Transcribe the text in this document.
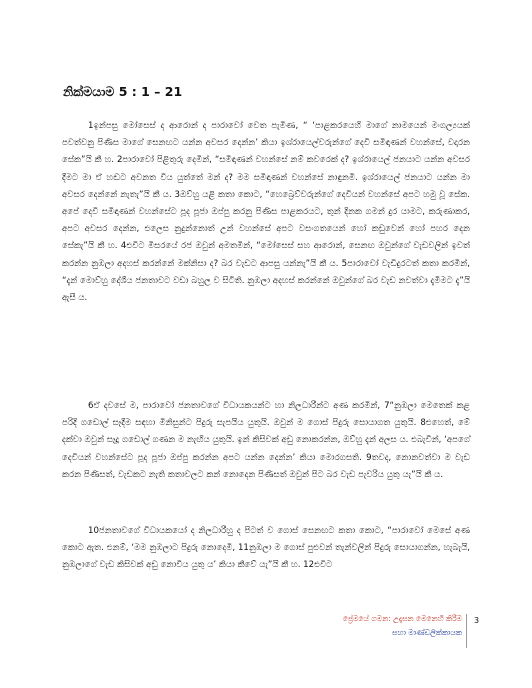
නික්මයාම 5 : 1 – 21
1ඉන්පසු මෝසෙස් ද ආරොන් ද පාරාවෝ වෙත පැමිණ, “ ‘පාළකරයෙහි මාගේ නාමයෙන් මංගල්‍යයක් පවත්වනු පිණිස මාගේ සෙනඟට යන්න අවසර දෙන්න’ කියා ඉශ්රායෙල්වරුන්ගේ දෙවි සමිඳාණන් වහන්සේ, වදාරන සේක”යි කී හ. 2පාරාවෝ පිළිතුරු දෙමින්, “සමිඳාණන් වහන්සේ නම් කවරෙක් ද? ඉශ්රායෙල් ජනයාට යන්න අවසර දීමට මා ඒ හඬට අවනත විය යුත්තේ මන් ද? මම සමිඳාණන් වහන්සේ නාඳුනමි. ඉශ්රායෙල් ජනයාට යන්න මා අවසර දෙන්නේ නැතැ”යි කී ය. 3ඔව්හු යළි කතා කොට, “හෙබ්‍රෙව්වරුන්ගේ දෙවියන් වහන්සේ අපට හමු වූ සේක. අපේ දෙවි සමිඳාණන් වහන්සේට පූද පූජා ඔප්පු කරනු පිණිස පාළකරයට, තුන් දිනක ගමන් දුර යාමට, කරුණාකර, අපට අවසර දෙන්න, එලෙස නුදුන්නොත් උන් වහන්සේ අපට වසංගතයෙන් හෝ කඩුවෙන් හෝ පහර දෙන සේකැ”යි කී හ. 4එවිට මිසරයේ රජ ඔවුන් අමතමින්, “මෝසෙස් සහ ආරොන්, සෙනඟ ඔවුන්ගේ වැඩවලින් ඉවත් කරන්න නුඹලා අදහස් කරන්නේ මක්නිසා ද? බර වැඩට ආපසු යන්නැ”යි කී ය. 5පාරාවෝ වැඩිදුරටත් කතා කරමින්, “දැන් මොව්හු දේශීය ජනතාවට වඩා බහුල ව සිටිති. නුඹලා අදහස් කරන්නේ ඔවුන්ගේ බර වැඩ නවත්වා දැමීමට දැ”යි ඇසී ය.
6ඒ දවසේ ම, පාරාවෝ ජනතාවගේ විධායකයන්ට හා නිලධාරීන්ට අණ කරමින්, 7“නුඹලා මෙතෙක් කළ පරිදි ගඩොල් සෑදීම සඳහා මිනිසුන්ට පිදුරු සැපයිය යුතුයි. ඔවුන් ම ගොස් පිදුරු සොයාගත යුතුයි. 8එහෙත්, මේ දක්වා ඔවුන් සෑදූ ගඩොල් ගණන ම නැඟිය යුතුයි. ඉන් කිසිවක් අඩු නොකරන්න, ඔව්හු දැන් අලස ය. එබැවින්, ‘අපගේ දෙවියන් වහන්සේට පූද පූජා ඔප්පු කරන්න අපට යන්න දෙන්න’ කියා මොරගසති. 9තවද, නොනවත්වා ම වැඩ කරන පිණිසත්, වැඩකට නැති කතාවලට කන් නොදෙන පිණිසත් ඔවුන් පිට බර වැඩ පැවරිය යුතු යැ”යි කී ය.
10ජනතාවගේ විධායකයෝ ද නිලධාරීහු ද පිටත් ව ගොස් සෙනඟට කතා කොට, “පාරාවෝ මෙසේ අණ කොට ඇත. එනම්, ‘මම නුඹලාට පිදුරු නොදෙමි, 11නුඹලා ම ගොස් පුළුවන් තැන්වලින් පිදුරු සොයාගන්න, හැබැයි, නුඹලාගේ වැඩ කිසිවක් අඩු නොවිය යුතු ය’ කියා කීවේ යැ”යි කී හ. 12එවිට
ප්‍රේමයේ ගමන: උදෑසන මෙනෙහි කිරීම
සහා මාණ්ඩලික්කායක
3
